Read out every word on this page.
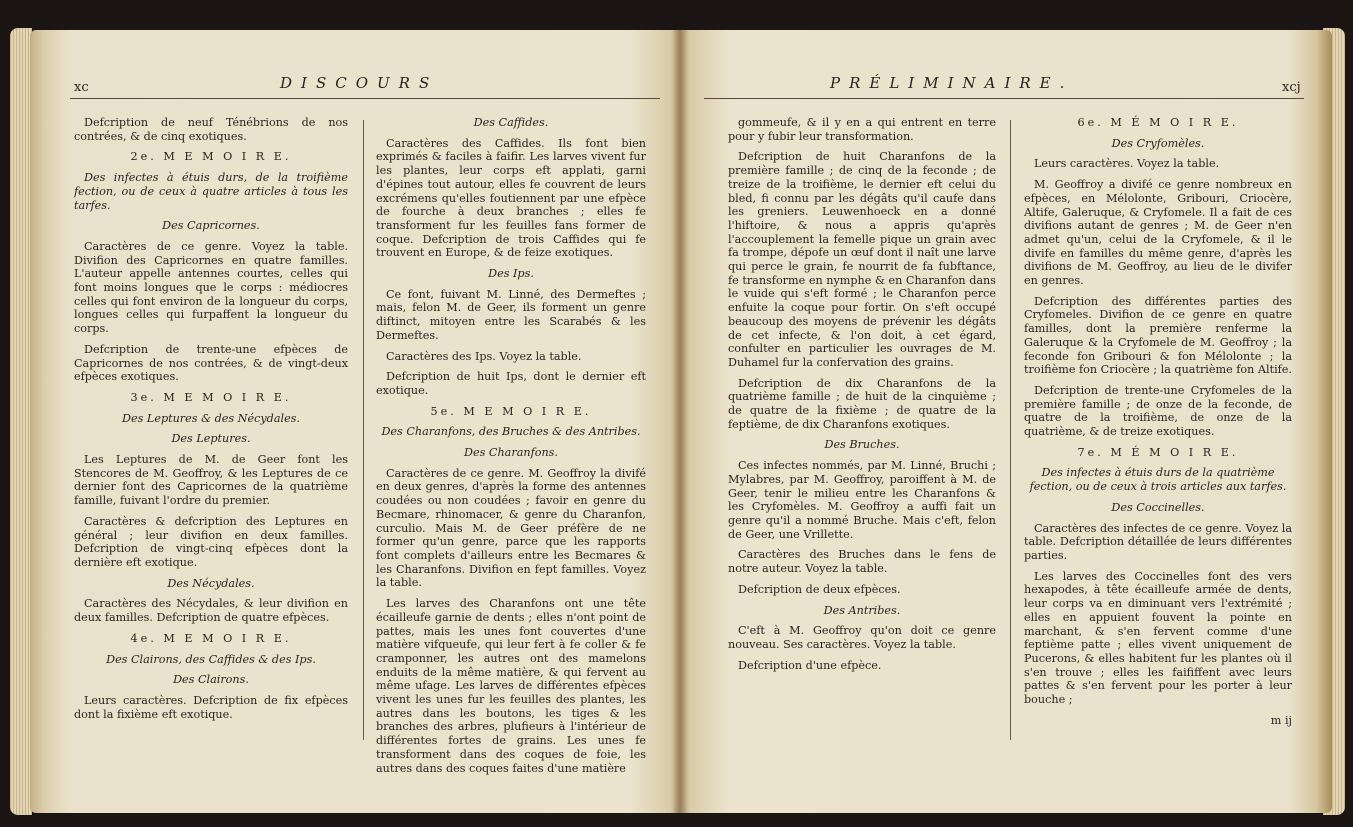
xc	DISCOURS

Defcription de neuf Ténébrions de nos contrées, & de cinq exotiques.

2e. M E M O I R E.

Des infectes à étuis durs, de la troifième fection, ou de ceux à quatre articles à tous les tarfes.

Des Capricornes.

Caractères de ce genre. Voyez la table. Divifion des Capricornes en quatre familles. L'auteur appelle antennes courtes, celles qui font moins longues que le corps : médiocres celles qui font environ de la longueur du corps, longues celles qui furpaffent la longueur du corps.

Defcription de trente-une efpèces de Capricornes de nos contrées, & de vingt-deux efpèces exotiques.

3e. M E M O I R E.

Des Leptures & des Nécydales.

Des Leptures.

Les Leptures de M. de Geer font les Stencores de M. Geoffroy, & les Leptures de ce dernier font des Capricornes de la quatrième famille, fuivant l'ordre du premier.

Caractères & defcription des Leptures en général ; leur divifion en deux familles. Defcription de vingt-cinq efpèces dont la dernière eft exotique.

Des Nécydales.

Caractères des Nécydales, & leur divifion en deux familles. Defcription de quatre efpèces.

4e. M E M O I R E.

Des Clairons, des Caffides & des Ips.

Des Clairons.

Leurs caractères. Defcription de fix efpèces dont la fixième eft exotique.

Des Caffides.

Caractères des Caffides. Ils font bien exprimés & faciles à faifir. Les larves vivent fur les plantes, leur corps eft applati, garni d'épines tout autour, elles fe couvrent de leurs excrémens qu'elles foutiennent par une efpèce de fourche à deux branches ; elles fe transforment fur les feuilles fans former de coque. Defcription de trois Caffides qui fe trouvent en Europe, & de feize exotiques.

Des Ips.

Ce font, fuivant M. Linné, des Dermeftes ; mais, felon M. de Geer, ils forment un genre diftinct, mitoyen entre les Scarabés & les Dermeftes.

Caractères des Ips. Voyez la table.

Defcription de huit Ips, dont le dernier eft exotique.

5e. M E M O I R E.

Des Charanfons, des Bruches & des Antribes.

Des Charanfons.

Caractères de ce genre. M. Geoffroy la divifé en deux genres, d'après la forme des antennes coudées ou non coudées ; favoir en genre du Becmare, rhinomacer, & genre du Charanfon, curculio. Mais M. de Geer préfère de ne former qu'un genre, parce que les rapports font complets d'ailleurs entre les Becmares & les Charanfons. Divifion en fept familles. Voyez la table.

Les larves des Charanfons ont une tête écailleufe garnie de dents ; elles n'ont point de pattes, mais les unes font couvertes d'une matière vifqueufe, qui leur fert à fe coller & fe cramponner, les autres ont des mamelons enduits de la même matière, & qui fervent au même ufage. Les larves de différentes efpèces vivent les unes fur les feuilles des plantes, les autres dans les boutons, les tiges & les branches des arbres, plufieurs à l'intérieur de différentes fortes de grains. Les unes fe transforment dans des coques de foie, les autres dans des coques faites d'une matière

PRÉLIMINAIRE.	xcj

gommeufe, & il y en a qui entrent en terre pour y fubir leur transformation.

Defcription de huit Charanfons de la première famille ; de cinq de la feconde ; de treize de la troifième, le dernier eft celui du bled, fi connu par les dégâts qu'il caufe dans les greniers. Leuwenhoeck en a donné l'hiftoire, & nous a appris qu'après l'accouplement la femelle pique un grain avec fa trompe, dépofe un œuf dont il naît une larve qui perce le grain, fe nourrit de fa fubftance, fe transforme en nymphe & en Charanfon dans le vuide qui s'eft formé ; le Charanfon perce enfuite la coque pour fortir. On s'eft occupé beaucoup des moyens de prévenir les dégâts de cet infecte, & l'on doit, à cet égard, confulter en particulier les ouvrages de M. Duhamel fur la confervation des grains.

Defcription de dix Charanfons de la quatrième famille ; de huit de la cinquième ; de quatre de la fixième ; de quatre de la feptième, de dix Charanfons exotiques.

Des Bruches.

Ces infectes nommés, par M. Linné, Bruchi ; Mylabres, par M. Geoffroy, paroiffent à M. de Geer, tenir le milieu entre les Charanfons & les Cryfomèles. M. Geoffroy a auffi fait un genre qu'il a nommé Bruche. Mais c'eft, felon de Geer, une Vrillette.

Caractères des Bruches dans le fens de notre auteur. Voyez la table.

Defcription de deux efpèces.

Des Antribes.

C'eft à M. Geoffroy qu'on doit ce genre nouveau. Ses caractères. Voyez la table.

Defcription d'une efpèce.

6e. M É M O I R E.

Des Cryfomèles.

Leurs caractères. Voyez la table.

M. Geoffroy a divifé ce genre nombreux en efpèces, en Mélolonte, Gribouri, Criocère, Altife, Galeruque, & Cryfomele. Il a fait de ces divifions autant de genres ; M. de Geer n'en admet qu'un, celui de la Cryfomele, & il le divife en familles du même genre, d'après les divifions de M. Geoffroy, au lieu de le divifer en genres.

Defcription des différentes parties des Cryfomeles. Divifion de ce genre en quatre familles, dont la première renferme la Galeruque & la Cryfomele de M. Geoffroy ; la feconde fon Gribouri & fon Mélolonte ; la troifième fon Criocère ; la quatrième fon Altife.

Defcription de trente-une Cryfomeles de la première famille ; de onze de la feconde, de quatre de la troifième, de onze de la quatrième, & de treize exotiques.

7e. M É M O I R E.

Des infectes à étuis durs de la quatrième fection, ou de ceux à trois articles aux tarfes.

Des Coccinelles.

Caractères des infectes de ce genre. Voyez la table. Defcription détaillée de leurs différentes parties.

Les larves des Coccinelles font des vers hexapodes, à tête écailleufe armée de dents, leur corps va en diminuant vers l'extrémité ; elles en appuient fouvent la pointe en marchant, & s'en fervent comme d'une feptième patte ; elles vivent uniquement de Pucerons, & elles habitent fur les plantes où il s'en trouve ; elles les faififfent avec leurs pattes & s'en fervent pour les porter à leur bouche ;

m ij
